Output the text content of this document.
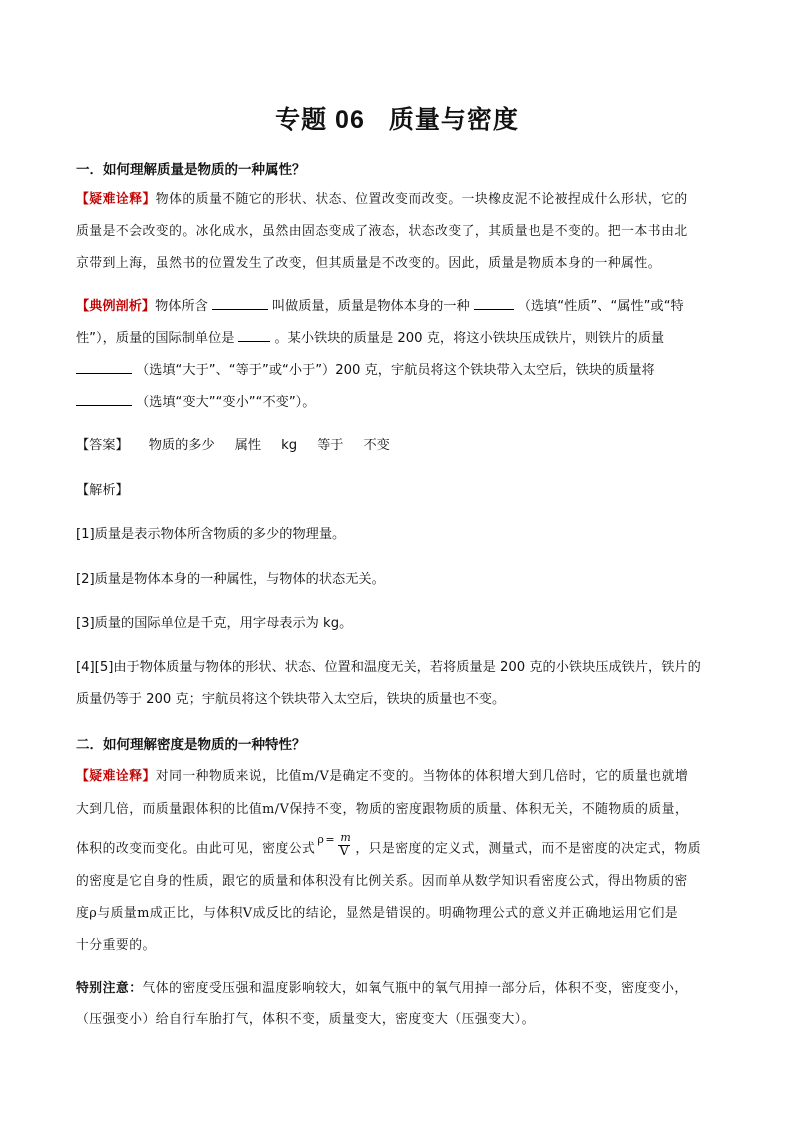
专题 06 质量与密度
一．如何理解质量是物质的一种属性？
【疑难诠释】物体的质量不随它的形状、状态、位置改变而改变。一块橡皮泥不论被捏成什么形状，它的
质量是不会改变的。冰化成水，虽然由固态变成了液态，状态改变了，其质量也是不变的。把一本书由北
京带到上海，虽然书的位置发生了改变，但其质量是不改变的。因此，质量是物质本身的一种属性。
【典例剖析】物体所含	叫做质量，质量是物体本身的一种	（选填“性质”、“属性”或“特
性”），质量的国际制单位是	。某小铁块的质量是 200 克，将这小铁块压成铁片，则铁片的质量
（选填“大于”、“等于”或“小于”）200 克，宇航员将这个铁块带入太空后，铁块的质量将
（选填“变大”“变小”“不变”）。
【答案】 物质的多少 属性 kg 等于 不变
【解析】
[1]质量是表示物体所含物质的多少的物理量。
[2]质量是物体本身的一种属性，与物体的状态无关。
[3]质量的国际单位是千克，用字母表示为 kg。
[4][5]由于物体质量与物体的形状、状态、位置和温度无关，若将质量是 200 克的小铁块压成铁片，铁片的
质量仍等于 200 克；宇航员将这个铁块带入太空后，铁块的质量也不变。
二．如何理解密度是物质的一种特性？
【疑难诠释】对同一种物质来说，比值m/V是确定不变的。当物体的体积增大到几倍时，它的质量也就增
大到几倍，而质量跟体积的比值m/V保持不变，物质的密度跟物质的质量、体积无关，不随物质的质量，
体积的改变而变化。由此可见，密度公式
ρ = m
V ，只是密度的定义式，测量式，而不是密度的决定式，物质
的密度是它自身的性质，跟它的质量和体积没有比例关系。因而单从数学知识看密度公式，得出物质的密
度ρ与质量m成正比，与体积V成反比的结论，显然是错误的。明确物理公式的意义并正确地运用它们是
十分重要的。
特别注意：气体的密度受压强和温度影响较大，如氧气瓶中的氧气用掉一部分后，体积不变，密度变小，
（压强变小）给自行车胎打气，体积不变，质量变大，密度变大（压强变大）。
